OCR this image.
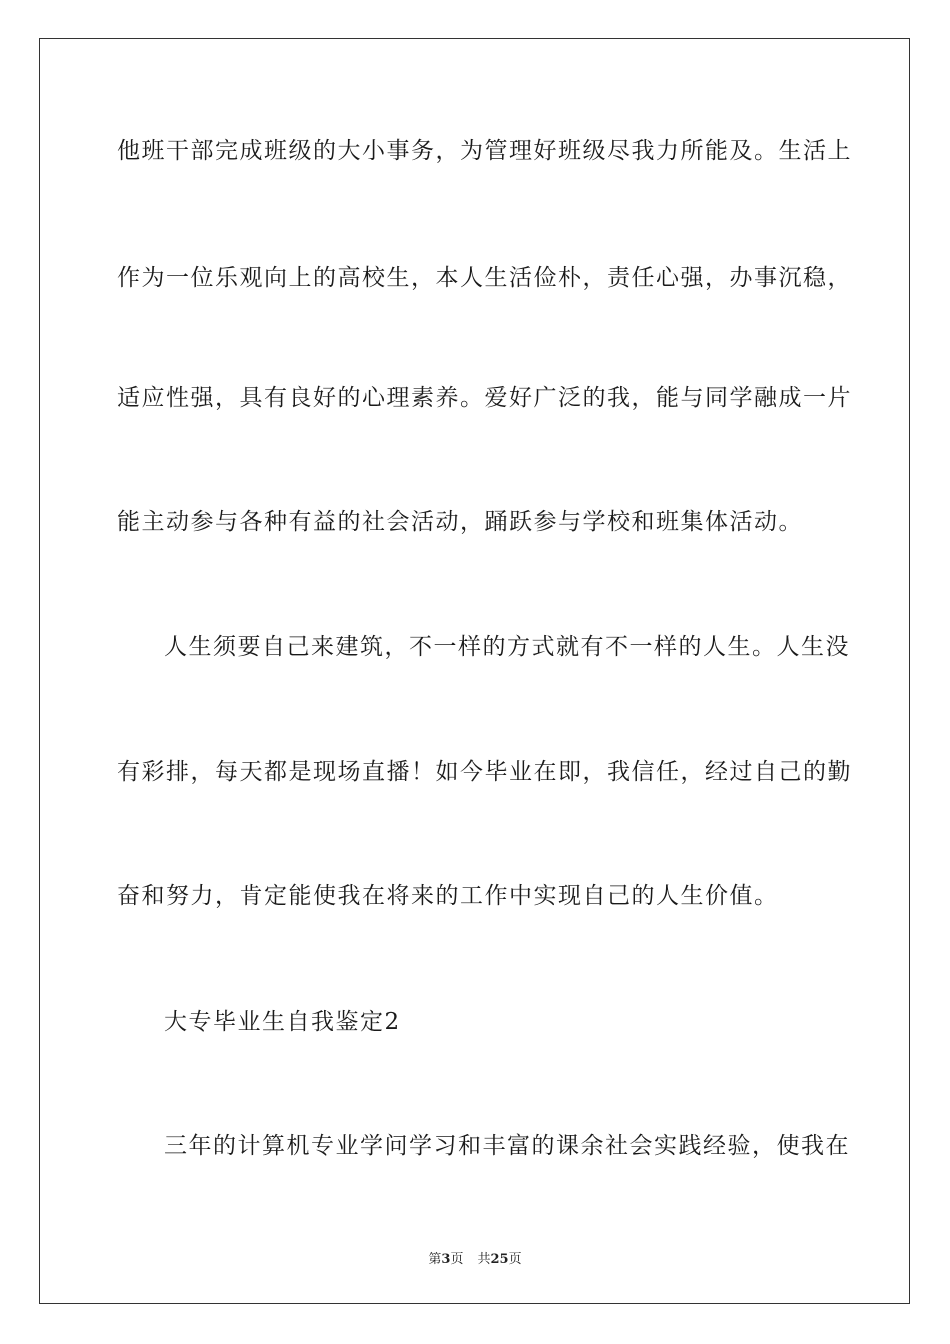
他班干部完成班级的大小事务，为管理好班级尽我力所能及。生活上
作为一位乐观向上的高校生，本人生活俭朴，责任心强，办事沉稳，
适应性强，具有良好的心理素养。爱好广泛的我，能与同学融成一片
能主动参与各种有益的社会活动，踊跃参与学校和班集体活动。
人生须要自己来建筑，不一样的方式就有不一样的人生。人生没
有彩排，每天都是现场直播！如今毕业在即，我信任，经过自己的勤
奋和努力，肯定能使我在将来的工作中实现自己的人生价值。
大专毕业生自我鉴定2
三年的计算机专业学问学习和丰富的课余社会实践经验，使我在
第3页 共25页
